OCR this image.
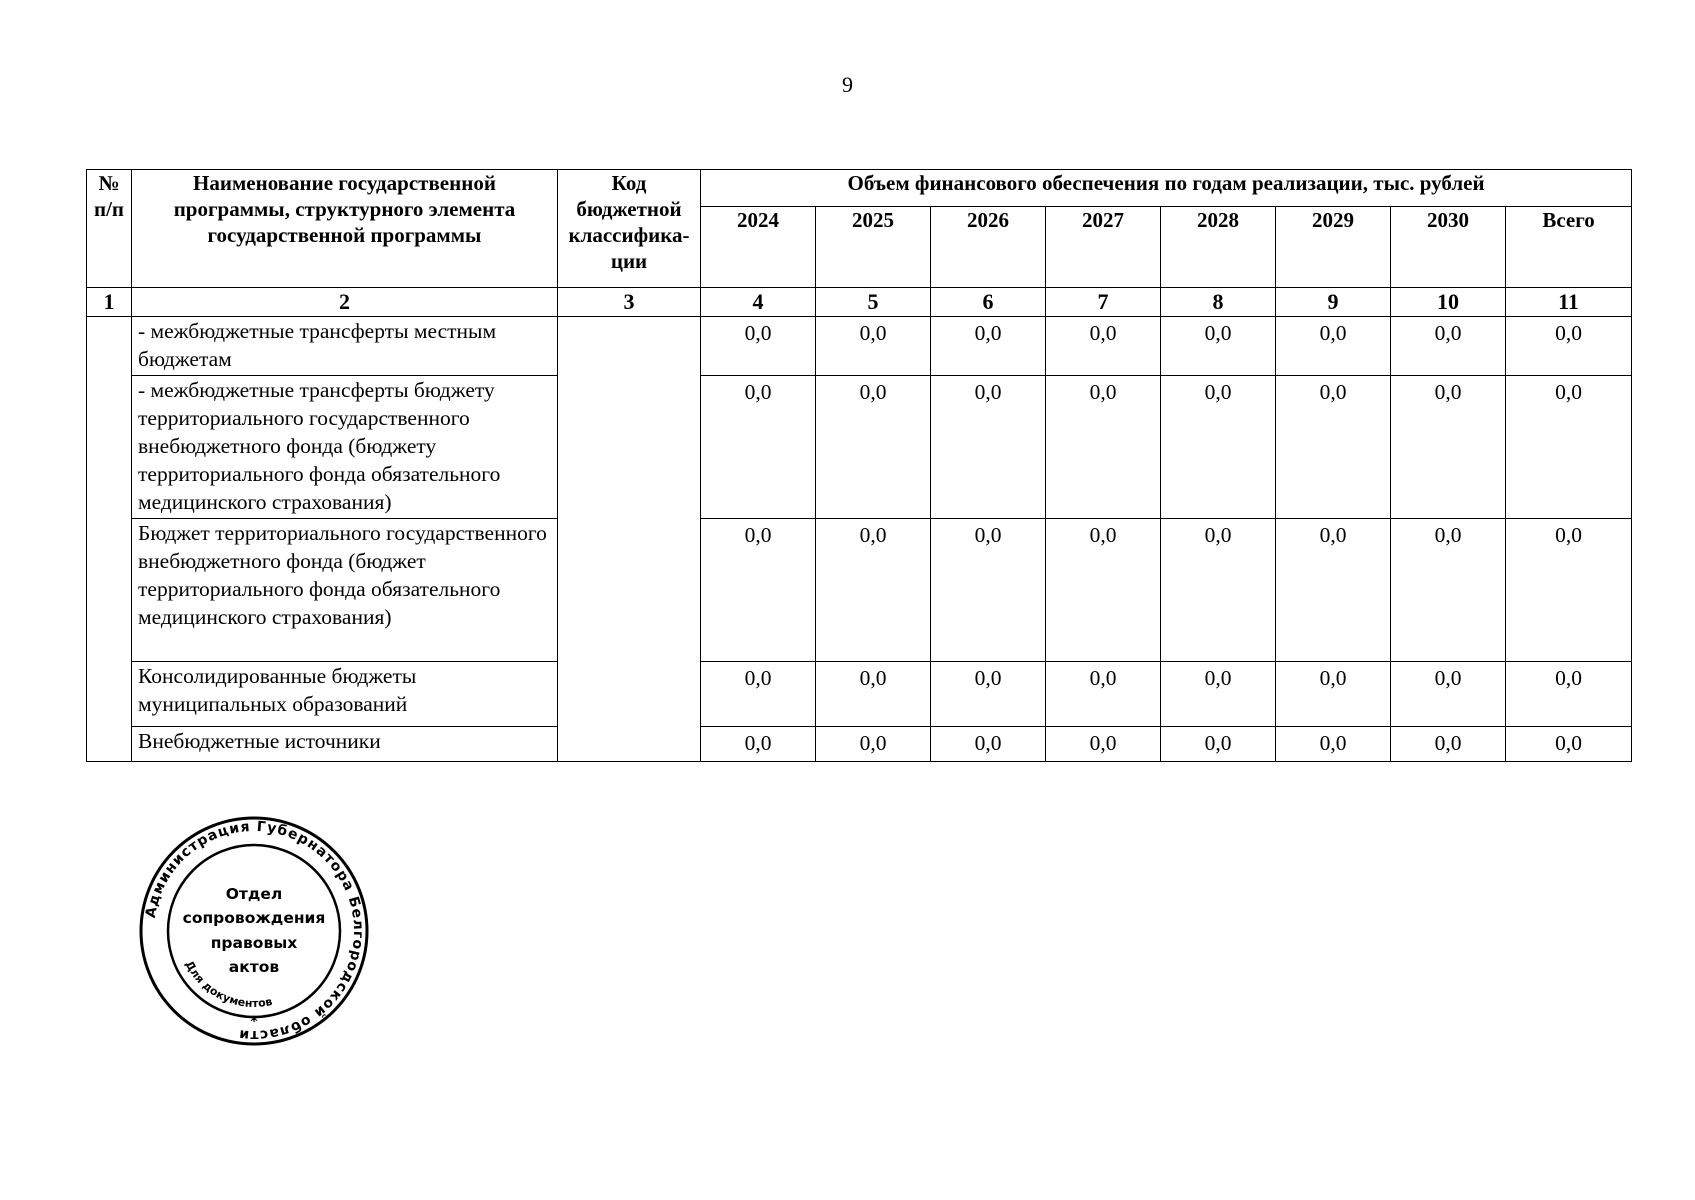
9
№ п/п	Наименование государственной программы, структурного элемента государственной программы	Код бюджетной классифика-ции	Объем финансового обеспечения по годам реализации, тыс. рублей							
			2024	2025	2026	2027	2028	2029	2030	Всего
1	2	3	4	5	6	7	8	9	10	11
	- межбюджетные трансферты местным бюджетам		0,0	0,0	0,0	0,0	0,0	0,0	0,0	0,0
	- межбюджетные трансферты бюджету территориального государственного внебюджетного фонда (бюджету территориального фонда обязательного медицинского страхования)		0,0	0,0	0,0	0,0	0,0	0,0	0,0	0,0
	Бюджет территориального государственного внебюджетного фонда (бюджет территориального фонда обязательного медицинского страхования)		0,0	0,0	0,0	0,0	0,0	0,0	0,0	0,0
	Консолидированные бюджеты муниципальных образований		0,0	0,0	0,0	0,0	0,0	0,0	0,0	0,0
	Внебюджетные источники		0,0	0,0	0,0	0,0	0,0	0,0	0,0	0,0
Администрация Губернатора Белгородской области
Для документов
*
Отдел
сопровождения
правовых
актов
